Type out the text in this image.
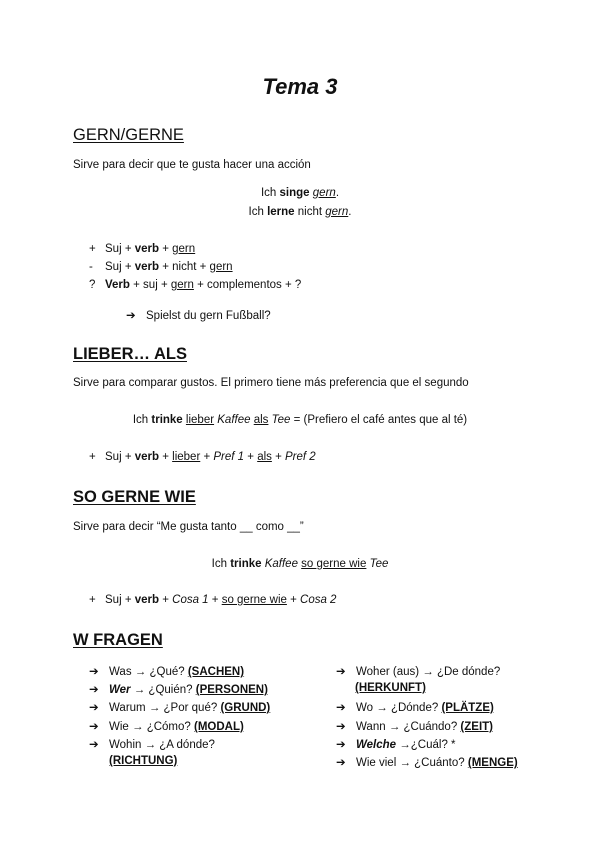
Tema 3
GERN/GERNE
Sirve para decir que te gusta hacer una acción
Ich singe gern.
Ich lerne nicht gern.
+ Suj + verb + gern
- Suj + verb + nicht + gern
? Verb + suj + gern + complementos + ?
➔ Spielst du gern Fußball?
LIEBER… ALS
Sirve para comparar gustos. El primero tiene más preferencia que el segundo
Ich trinke lieber Kaffee als Tee = (Prefiero el café antes que al té)
+ Suj + verb + lieber + Pref 1 + als + Pref 2
SO GERNE WIE
Sirve para decir “Me gusta tanto __ como __”
Ich trinke Kaffee so gerne wie Tee
+ Suj + verb + Cosa 1 + so gerne wie + Cosa 2
W FRAGEN
➔ Was → ¿Qué? (SACHEN)
➔ Wer → ¿Quién? (PERSONEN)
➔ Warum → ¿Por qué? (GRUND)
➔ Wie → ¿Cómo? (MODAL)
➔ Wohin → ¿A dónde?
(RICHTUNG)
➔ Woher (aus) → ¿De dónde?
(HERKUNFT)
➔ Wo → ¿Dónde? (PLÄTZE)
➔ Wann → ¿Cuándo? (ZEIT)
➔ Welche →¿Cuál? *
➔ Wie viel → ¿Cuánto? (MENGE)
